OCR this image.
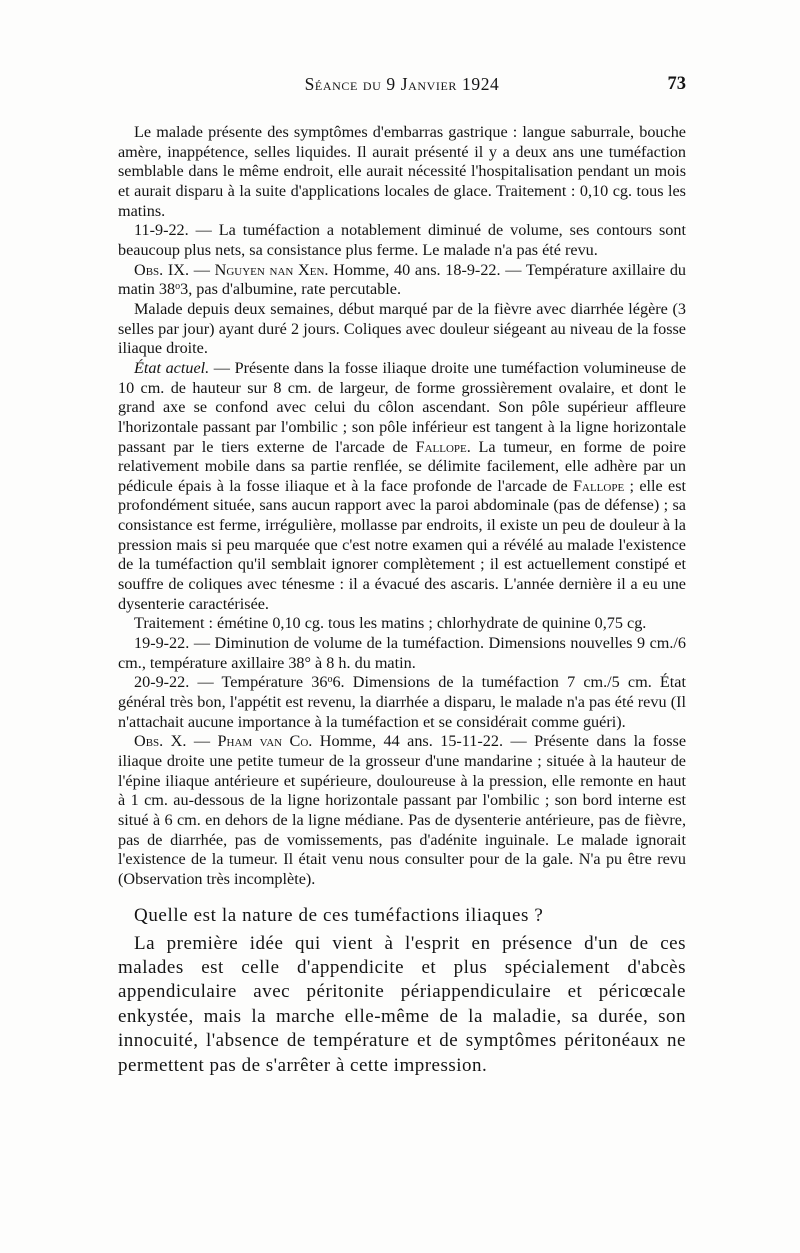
Séance du 9 Janvier 1924	73

Le malade présente des symptômes d'embarras gastrique : langue saburrale, bouche amère, inappétence, selles liquides. Il aurait présenté il y a deux ans une tuméfaction semblable dans le même endroit, elle aurait nécessité l'hospitalisation pendant un mois et aurait disparu à la suite d'applications locales de glace. Traitement : 0,10 cg. tous les matins.

11-9-22. — La tuméfaction a notablement diminué de volume, ses contours sont beaucoup plus nets, sa consistance plus ferme. Le malade n'a pas été revu.

Obs. IX. — Nguyen nan Xen. Homme, 40 ans. 18-9-22. — Température axillaire du matin 38$^o$3, pas d'albumine, rate percutable.

Malade depuis deux semaines, début marqué par de la fièvre avec diarrhée légère (3 selles par jour) ayant duré 2 jours. Coliques avec douleur siégeant au niveau de la fosse iliaque droite.

État actuel. — Présente dans la fosse iliaque droite une tuméfaction volumineuse de 10 cm. de hauteur sur 8 cm. de largeur, de forme grossièrement ovalaire, et dont le grand axe se confond avec celui du côlon ascendant. Son pôle supérieur affleure l'horizontale passant par l'ombilic ; son pôle inférieur est tangent à la ligne horizontale passant par le tiers externe de l'arcade de Fallope. La tumeur, en forme de poire relativement mobile dans sa partie renflée, se délimite facilement, elle adhère par un pédicule épais à la fosse iliaque et à la face profonde de l'arcade de Fallope ; elle est profondément située, sans aucun rapport avec la paroi abdominale (pas de défense) ; sa consistance est ferme, irrégulière, mollasse par endroits, il existe un peu de douleur à la pression mais si peu marquée que c'est notre examen qui a révélé au malade l'existence de la tuméfaction qu'il semblait ignorer complètement ; il est actuellement constipé et souffre de coliques avec ténesme : il a évacué des ascaris. L'année dernière il a eu une dysenterie caractérisée.

Traitement : émétine 0,10 cg. tous les matins ; chlorhydrate de quinine 0,75 cg.

19-9-22. — Diminution de volume de la tuméfaction. Dimensions nouvelles 9 cm./6 cm., température axillaire 38° à 8 h. du matin.

20-9-22. — Température 36$^o$6. Dimensions de la tuméfaction 7 cm./5 cm. État général très bon, l'appétit est revenu, la diarrhée a disparu, le malade n'a pas été revu (Il n'attachait aucune importance à la tuméfaction et se considérait comme guéri).

Obs. X. — Pham van Co. Homme, 44 ans. 15-11-22. — Présente dans la fosse iliaque droite une petite tumeur de la grosseur d'une mandarine ; située à la hauteur de l'épine iliaque antérieure et supérieure, douloureuse à la pression, elle remonte en haut à 1 cm. au-dessous de la ligne horizontale passant par l'ombilic ; son bord interne est situé à 6 cm. en dehors de la ligne médiane. Pas de dysenterie antérieure, pas de fièvre, pas de diarrhée, pas de vomissements, pas d'adénite inguinale. Le malade ignorait l'existence de la tumeur. Il était venu nous consulter pour de la gale. N'a pu être revu (Observation très incomplète).

Quelle est la nature de ces tuméfactions iliaques ?

La première idée qui vient à l'esprit en présence d'un de ces malades est celle d'appendicite et plus spécialement d'abcès appendiculaire avec péritonite périappendiculaire et péricœcale enkystée, mais la marche elle-même de la maladie, sa durée, son innocuité, l'absence de température et de symptômes péritonéaux ne permettent pas de s'arrêter à cette impression.
